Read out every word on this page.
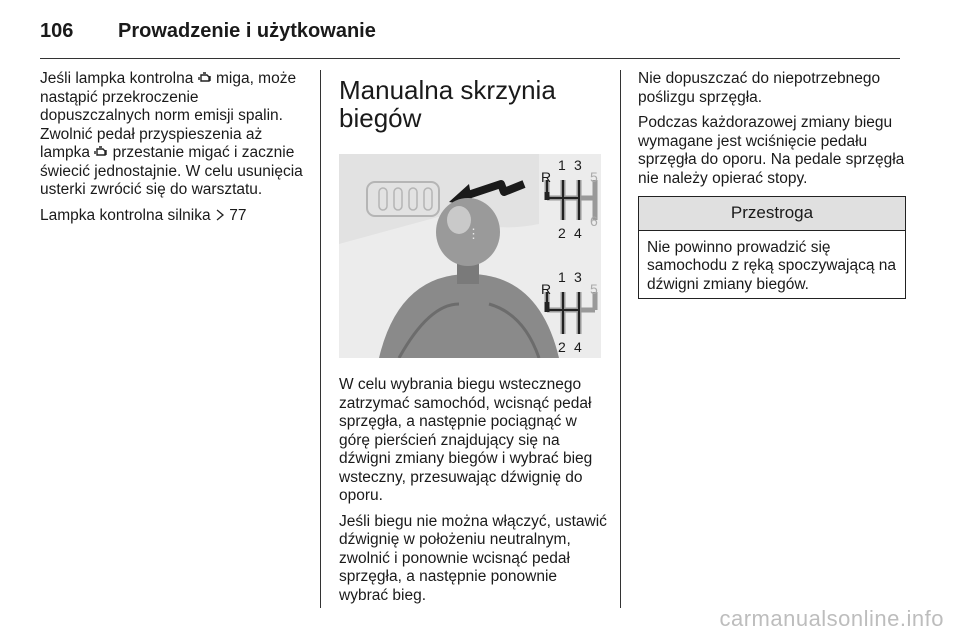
106 Prowadzenie i użytkowanie

Jeśli lampka kontrolna  miga, może nastąpić przekroczenie dopuszczalnych norm emisji spalin. Zwolnić pedał przyspieszenia aż lampka  przestanie migać i zacznie świecić jednostajnie. W celu usunięcia usterki zwrócić się do warsztatu.

Lampka kontrolna silnika 77

Manualna skrzynia biegów
⋮
R
1 3
5
2 4
6
R
1 3
5
2 4

W celu wybrania biegu wstecznego zatrzymać samochód, wcisnąć pedał sprzęgła, a następnie pociągnąć w górę pierścień znajdujący się na dźwigni zmiany biegów i wybrać bieg wsteczny, przesuwając dźwignię do oporu.

Jeśli biegu nie można włączyć, ustawić dźwignię w położeniu neutralnym, zwolnić i ponownie wcisnąć pedał sprzęgła, a następnie ponownie wybrać bieg.

Nie dopuszczać do niepotrzebnego poślizgu sprzęgła.

Podczas każdorazowej zmiany biegu wymagane jest wciśnięcie pedału sprzęgła do oporu. Na pedale sprzęgła nie należy opierać stopy.

Przestroga
Nie powinno prowadzić się samochodu z ręką spoczywającą na dźwigni zmiany biegów.
carmanualsonline.info
